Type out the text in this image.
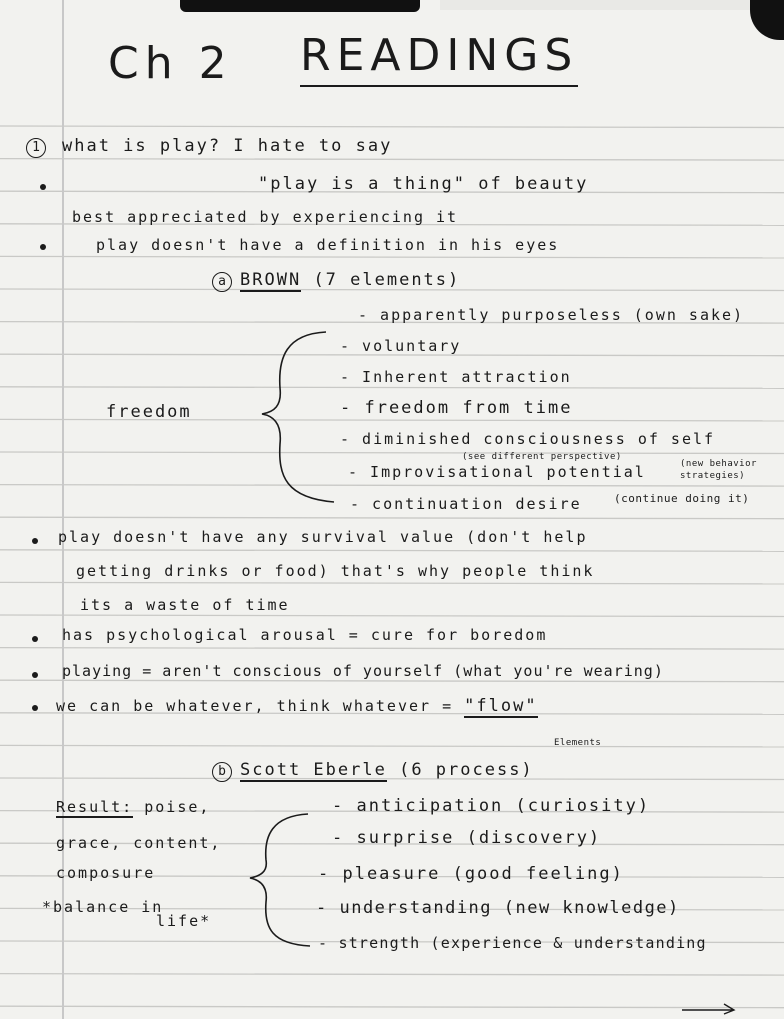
Ch 2 READINGS
1 what is play? I hate to say
"play is a thing" of beauty
best appreciated by experiencing it
play doesn't have a definition in his eyes
a BROWN (7 elements)
- apparently purposeless (own sake)
- voluntary
- Inherent attraction
- freedom from time
- diminished consciousness of self
(see different perspective)
- Improvisational potential	(new behavior strategies)
- continuation desire	(continue doing it)
freedom
play doesn't have any survival value (don't help
getting drinks or food) that's why people think
its a waste of time
has psychological arousal = cure for boredom
playing = aren't conscious of yourself (what you're wearing)
we can be whatever, think whatever = "flow"
Elements
b Scott Eberle (6 process)
Result: poise,
grace, content,
composure
*balance in
life*
- anticipation (curiosity)
- surprise (discovery)
- pleasure (good feeling)
- understanding (new knowledge)
- strength (experience & understanding
